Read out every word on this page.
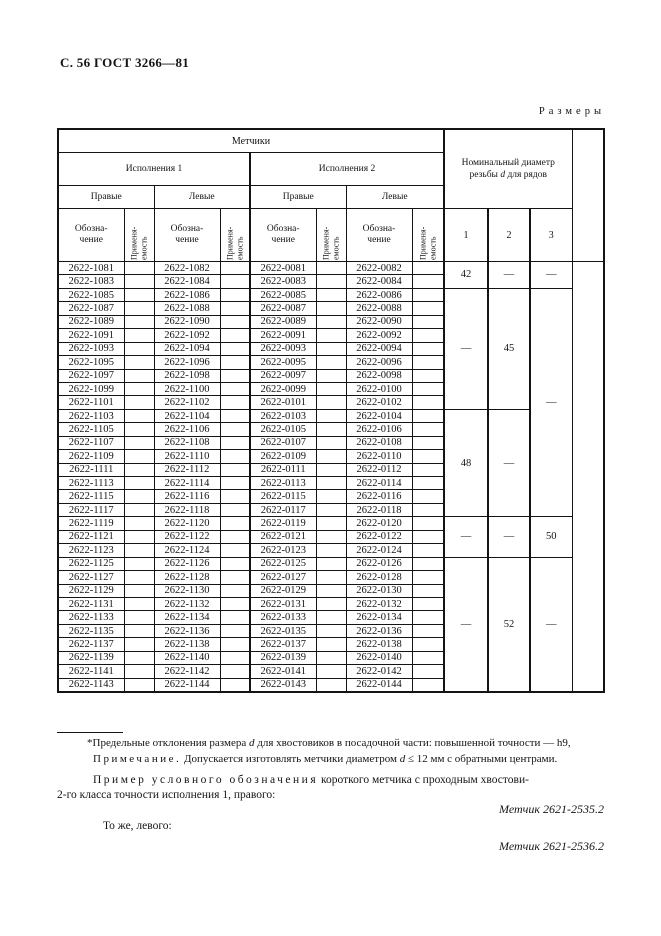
С. 56 ГОСТ 3266—81
Размеры
Метчики								Номинальный диаметр
резьбы d для рядов			

Исполнения 1				Исполнения 2							
Правые		Левые		Правые		Левые					

Обозна-
чение	Применя- емость

Обозна-
чение	Применя- емость

Обозна-
чение	Применя- емость

Обозна-
чение	Применя- емость
	1	2	3
2622-1081		2622-1082		2622-0081		2622-0082		42	—	—	
2622-1083		2622-1084		2622-0083		2622-0084					
2622-1085		2622-1086		2622-0085		2622-0086		—	45	—	
2622-1087		2622-1088		2622-0087		2622-0088					
2622-1089		2622-1090		2622-0089		2622-0090					
2622-1091		2622-1092		2622-0091		2622-0092					
2622-1093		2622-1094		2622-0093		2622-0094					
2622-1095		2622-1096		2622-0095		2622-0096					
2622-1097		2622-1098		2622-0097		2622-0098					
2622-1099		2622-1100		2622-0099		2622-0100					
2622-1101		2622-1102		2622-0101		2622-0102					
2622-1103		2622-1104		2622-0103		2622-0104		48	—		
2622-1105		2622-1106		2622-0105		2622-0106					
2622-1107		2622-1108		2622-0107		2622-0108					
2622-1109		2622-1110		2622-0109		2622-0110					
2622-1111		2622-1112		2622-0111		2622-0112					
2622-1113		2622-1114		2622-0113		2622-0114					
2622-1115		2622-1116		2622-0115		2622-0116					
2622-1117		2622-1118		2622-0117		2622-0118					
2622-1119		2622-1120		2622-0119		2622-0120		—	—	50	
2622-1121		2622-1122		2622-0121		2622-0122					
2622-1123		2622-1124		2622-0123		2622-0124					
2622-1125		2622-1126		2622-0125		2622-0126		—	52	—	
2622-1127		2622-1128		2622-0127		2622-0128					
2622-1129		2622-1130		2622-0129		2622-0130					
2622-1131		2622-1132		2622-0131		2622-0132					
2622-1133		2622-1134		2622-0133		2622-0134					
2622-1135		2622-1136		2622-0135		2622-0136					
2622-1137		2622-1138		2622-0137		2622-0138					
2622-1139		2622-1140		2622-0139		2622-0140					
2622-1141		2622-1142		2622-0141		2622-0142					
2622-1143		2622-1144		2622-0143		2622-0144					
*Предельные отклонения размера d для хвостовиков в посадочной части: повышенной точности — h9,
Примечание. Допускается изготовлять метчики диаметром d ≤ 12 мм с обратными центрами.
Пример условного обозначения короткого метчика с проходным хвостови-
2-го класса точности исполнения 1, правого:
Метчик 2621-2535.2
То же, левого:
Метчик 2621-2536.2
